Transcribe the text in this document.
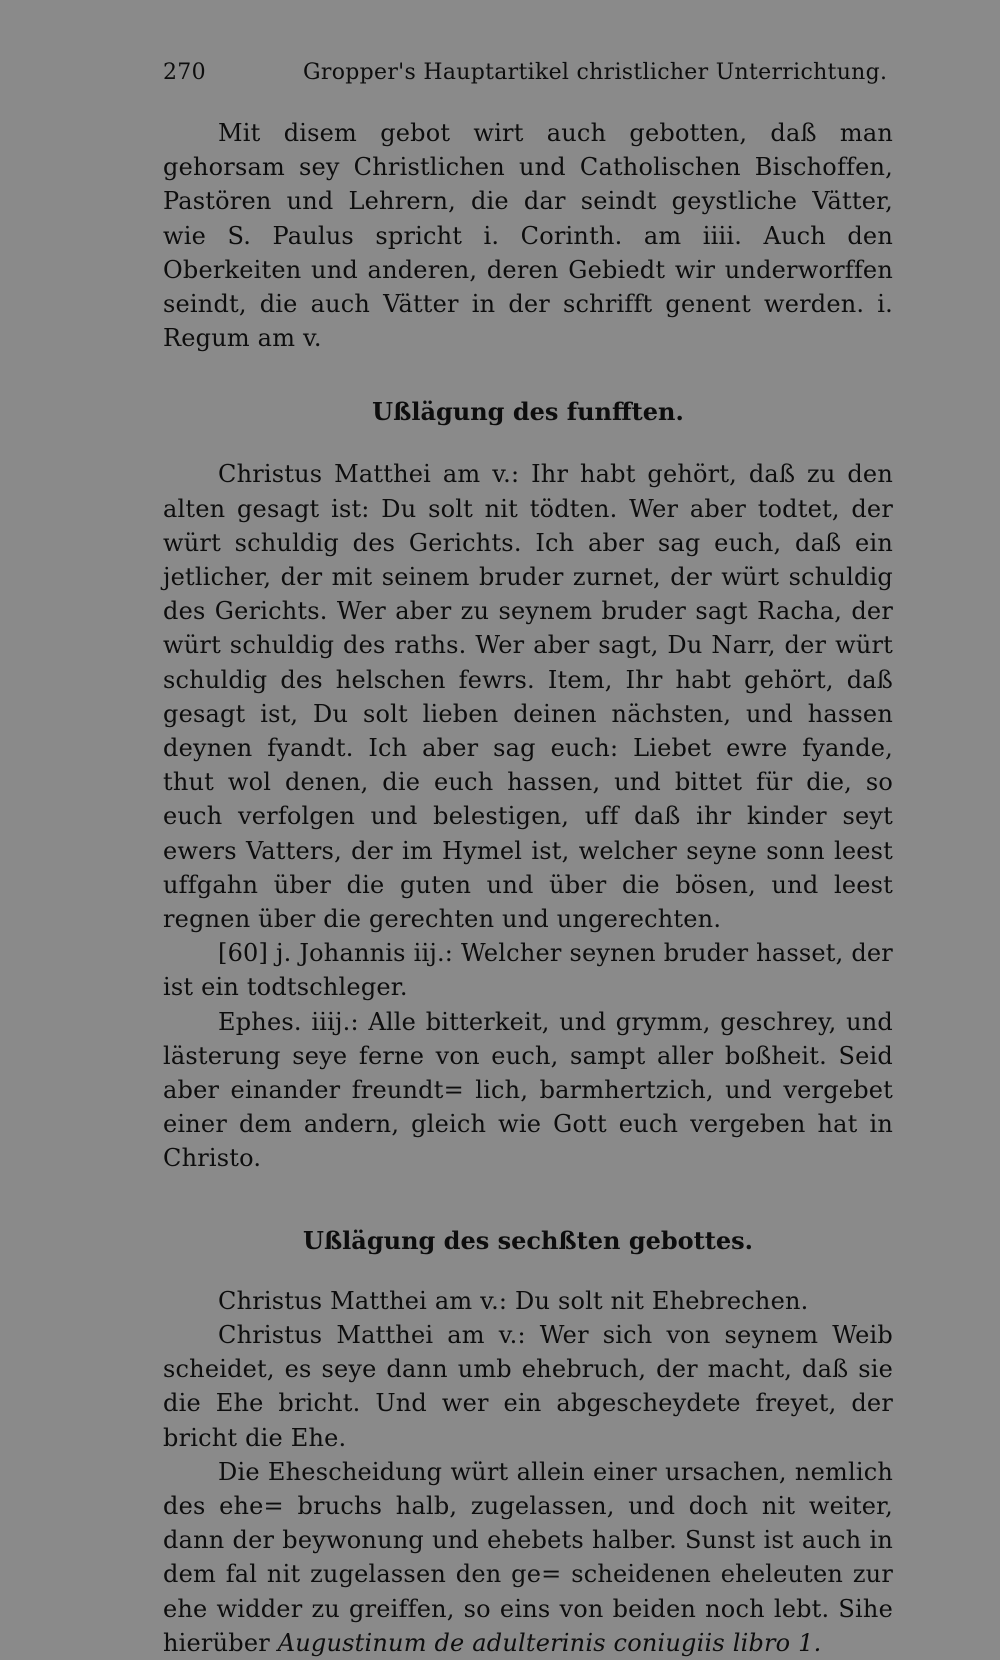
270	Gropper's Hauptartikel christlicher Unterrichtung.

Mit disem gebot wirt auch gebotten, daß man gehorsam sey Christlichen und Catholischen Bischoffen, Pastören und Lehrern, die dar seindt geystliche Vätter, wie S. Paulus spricht i. Corinth. am iiii. Auch den Oberkeiten und anderen, deren Gebiedt wir underworffen seindt, die auch Vätter in der schrifft genent werden. i. Regum am v.

Ußlägung des funfften.

Christus Matthei am v.: Ihr habt gehört, daß zu den alten gesagt ist: Du solt nit tödten. Wer aber todtet, der würt schuldig des Gerichts. Ich aber sag euch, daß ein jetlicher, der mit seinem bruder zurnet, der würt schuldig des Gerichts. Wer aber zu seynem bruder sagt Racha, der würt schuldig des raths. Wer aber sagt, Du Narr, der würt schuldig des helschen fewrs. Item, Ihr habt gehört, daß gesagt ist, Du solt lieben deinen nächsten, und hassen deynen fyandt. Ich aber sag euch: Liebet ewre fyande, thut wol denen, die euch hassen, und bittet für die, so euch verfolgen und belestigen, uff daß ihr kinder seyt ewers Vatters, der im Hymel ist, welcher seyne sonn leest uffgahn über die guten und über die bösen, und leest regnen über die gerechten und ungerechten.

[60] j. Johannis iij.: Welcher seynen bruder hasset, der ist ein todtschleger.

Ephes. iiij.: Alle bitterkeit, und grymm, geschrey, und lästerung seye ferne von euch, sampt aller boßheit. Seid aber einander freundt= lich, barmhertzich, und vergebet einer dem andern, gleich wie Gott euch vergeben hat in Christo.

Ußlägung des sechßten gebottes.

Christus Matthei am v.: Du solt nit Ehebrechen.

Christus Matthei am v.: Wer sich von seynem Weib scheidet, es seye dann umb ehebruch, der macht, daß sie die Ehe bricht. Und wer ein abgescheydete freyet, der bricht die Ehe.

Die Ehescheidung würt allein einer ursachen, nemlich des ehe= bruchs halb, zugelassen, und doch nit weiter, dann der beywonung und ehebets halber. Sunst ist auch in dem fal nit zugelassen den ge= scheidenen eheleuten zur ehe widder zu greiffen, so eins von beiden noch lebt. Sihe hierüber Augustinum de adulterinis coniugiis libro 1.
